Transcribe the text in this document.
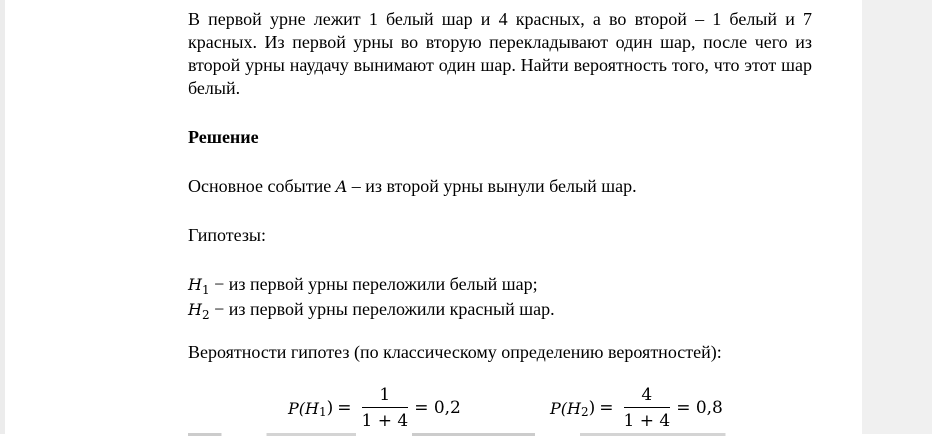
В первой урне лежит 1 белый шар и 4 красных, а во второй – 1 белый и 7 красных. Из первой урны во вторую перекладывают один шар, после чего из второй урны наудачу вынимают один шар. Найти вероятность того, что этот шар белый.

Решение

Основное событие A – из второй урны вынули белый шар.

Гипотезы:

$H_1$ − из первой урны переложили белый шар;

$H_2$ − из первой урны переложили красный шар.

Вероятности гипотез (по классическому определению вероятностей):

P(H 1 ) = $\frac{1}{1 + 4} = 0,2$	P(H 2 ) = $\frac{4}{1 + 4} = 0,8$
